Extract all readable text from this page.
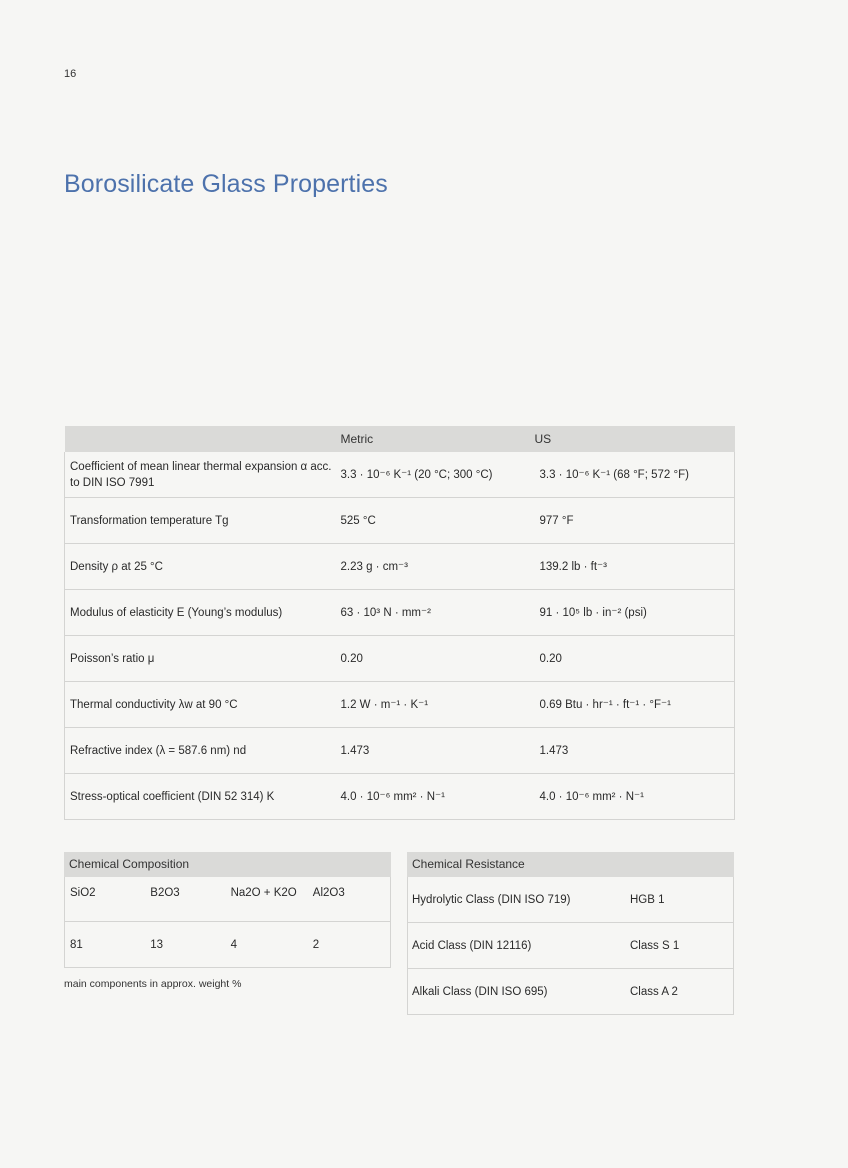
16
Borosilicate Glass Properties
	Metric	US
Coefficient of mean linear thermal expansion α acc. to DIN ISO 7991	3.3 · 10⁻⁶ K⁻¹ (20 °C; 300 °C)	3.3 · 10⁻⁶ K⁻¹ (68 °F; 572 °F)
Transformation temperature Tg	525 °C	977 °F
Density ρ at 25 °C	2.23 g · cm⁻³	139.2 lb · ft⁻³
Modulus of elasticity E (Young’s modulus)	63 · 10³ N · mm⁻²	91 · 10⁵ lb · in⁻² (psi)
Poisson’s ratio μ	0.20	0.20
Thermal conductivity λw at 90 °C	1.2 W · m⁻¹ · K⁻¹	0.69 Btu · hr⁻¹ · ft⁻¹ · °F⁻¹
Refractive index (λ = 587.6 nm) nd	1.473	1.473
Stress-optical coefficient (DIN 52 314) K	4.0 · 10⁻⁶ mm² · N⁻¹	4.0 · 10⁻⁶ mm² · N⁻¹
Chemical Composition
SiO2	B2O3	Na2O + K2O	Al2O3
81	13	4	2
main components in approx. weight %
Chemical Resistance
Hydrolytic Class (DIN ISO 719)	HGB 1
Acid Class (DIN 12116)	Class S 1
Alkali Class (DIN ISO 695)	Class A 2
